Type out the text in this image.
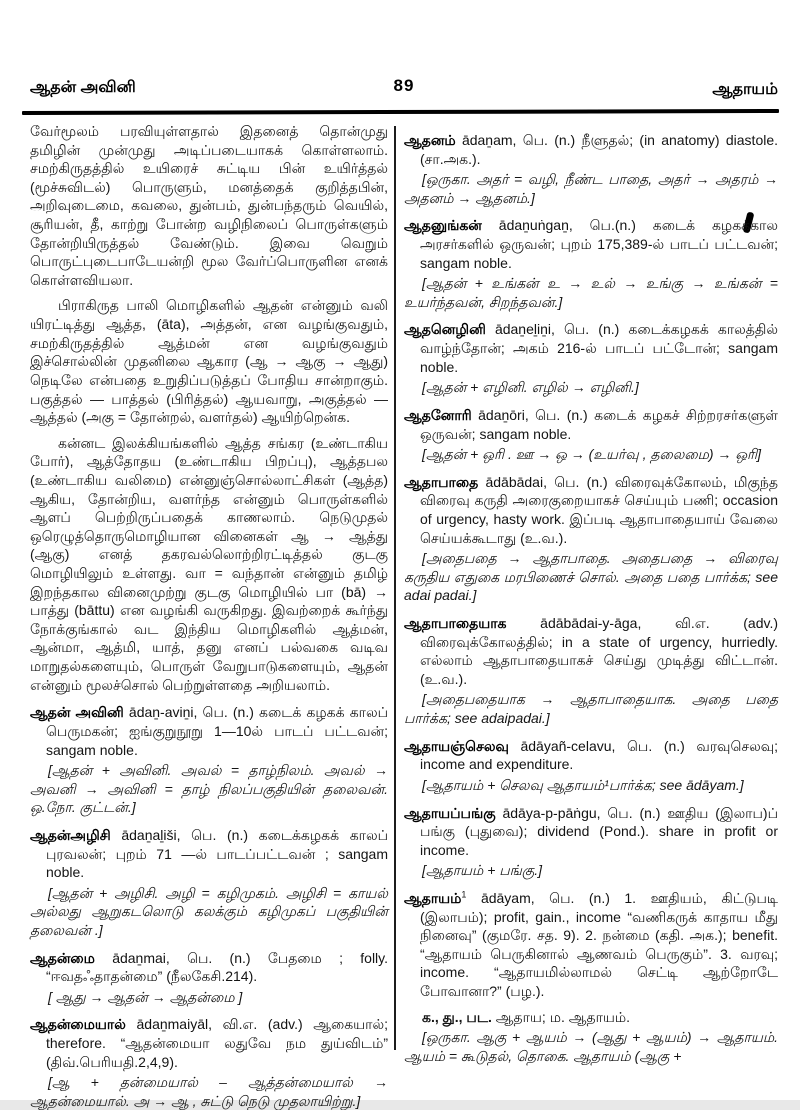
ஆதன் அவினி	89	ஆதாயம்

வேர்மூலம் பரவியுள்ளதால் இதனைத் தொன்முது தமிழின் முன்முது அடிப்படையாகக் கொள்ளலாம். சமற்கிருதத்தில் உயிரைச் சுட்டிய பின் உயிர்த்தல் (மூச்சுவிடல்) பொருளும், மனத்தைக் குறித்தபின், அறிவுடைமை, கவலை, துன்பம், துன்பந்தரும் வெயில், சூரியன், தீ, காற்று போன்ற வழிநிலைப் பொருள்களும் தோன்றியிருத்தல் வேண்டும். இவை வெறும் பொருட்புடைபாடேயன்றி மூல வேர்ப்பொருளின எனக் கொள்ளவியலா.

பிராகிருத பாலி மொழிகளில் ஆதன் என்னும் வலி யிரட்டித்து ஆத்த, (āta), அத்தன், என வழங்குவதும், சமற்கிருதத்தில் ஆத்மன் என வழங்குவதும் இச்சொல்லின் முதனிலை ஆகார (ஆ → ஆகு → ஆது) நெடிலே என்பதை உறுதிப்படுத்தப் போதிய சான்றாகும். பகுத்தல் — பாத்தல் (பிரித்தல்) ஆயவாறு, அகுத்தல் — ஆத்தல் (அகு = தோன்றல், வளர்தல்) ஆயிற்றென்க.

கன்னட இலக்கியங்களில் ஆத்த சங்கர (உண்டாகிய போர்), ஆத்தோதய (உண்டாகிய பிறப்பு), ஆத்தபல (உண்டாகிய வலிமை) என்னுஞ்சொல்லாட்சிகள் (ஆத்த) ஆகிய, தோன்றிய, வளர்ந்த என்னும் பொருள்களில் ஆளப் பெற்றிருப்பதைக் காணலாம். நெடுமுதல் ஒரெழுத்தொருமொழியான வினைகள் ஆ → ஆத்து (ஆகு) எனத் தகரவல்லொற்றிரட்டித்தல் குடகு மொழியிலும் உள்ளது. வா = வந்தான் என்னும் தமிழ் இறந்தகால வினைமுற்று குடகு மொழியில் பா (bā) → பாத்து (bāttu) என வழங்கி வருகிறது. இவற்றைக் கூர்ந்து நோக்குங்கால் வட இந்திய மொழிகளில் ஆத்மன், ஆன்மா, ஆத்மி, யாத், தனு எனப் பல்வகை வடிவ மாறுதல்களையும், பொருள் வேறுபாடுகளையும், ஆதன் என்னும் மூலச்சொல் பெற்றுள்ளதை அறியலாம்.

ஆதன் அவினி ādaṉ-aviṉi, பெ. (n.) கடைக் கழகக் காலப் பெருமகன்; ஐங்குறுநூறு 1—10ல் பாடப் பட்டவன்; sangam noble.

[ஆதன் + அவினி. அவல் = தாழ்நிலம். அவல் → அவனி → அவினி = தாழ் நிலப்பகுதியின் தலைவன். ஒ.நோ. குட்டன்.]

ஆதன்அழிசி ādaṉaḻiši, பெ. (n.) கடைக்கழகக் காலப் புரவலன்; புறம் 71 —ல் பாடப்பட்டவன் ; sangam noble.

[ஆதன் + அழிசி. அழி = கழிமுகம். அழிசி = காயல் அல்லது ஆறுகடலொடு கலக்கும் கழிமுகப் பகுதியின் தலைவன் .]

ஆதன்மை ādaṉmai, பெ. (n.) பேதமை ; folly. “ஈவதஃதாதன்மை” (நீலகேசி.214).

[ ஆது → ஆதன் → ஆதன்மை ]

ஆதன்மையால் ādaṉmaiyāl, வி.எ. (adv.) ஆகையால்; therefore. “ஆதன்மையா லதுவே நம துய்விடம்” (திவ்.பெரியதி.2,4,9).

[ஆ + தன்மையால் – ஆத்தன்மையால் → ஆதன்மையால். அ → ஆ , சுட்டு நெடு முதலாயிற்று.]

ஆதனம் ādaṉam, பெ. (n.) நீளுதல்; (in anatomy) diastole. (சா.அக.).

[ஒருகா. அதர் = வழி, நீண்ட பாதை, அதர் → அதரம் → அதனம் → ஆதனம்.]

ஆதனுங்கன் ādaṉuṅgaṉ, பெ.(n.) கடைக் கழகக்கால அரசர்களில் ஒருவன்; புறம் 175,389-ல் பாடப் பட்டவன்; sangam noble.

[ஆதன் + உங்கன் உ → உல் → உங்கு → உங்கன் = உயர்ந்தவன், சிறந்தவன்.]

ஆதனெழினி ādaṉeḻiṉi, பெ. (n.) கடைக்கழகக் காலத்தில் வாழ்ந்தோன்; அகம் 216-ல் பாடப் பட்டோன்; sangam noble.

[ஆதன் + எழினி. எழில் → எழினி.]

ஆதனோரி ādaṉōri, பெ. (n.) கடைக் கழகச் சிற்றரசர்களுள் ஒருவன்; sangam noble.

[ஆதன் + ஒரி . ஊ → ஒ → (உயர்வு , தலைமை) → ஒரி]

ஆதாபாதை ādābādai, பெ. (n.) விரைவுக்கோலம், மிகுந்த விரைவு கருதி அரைகுறையாகச் செய்யும் பணி; occasion of urgency, hasty work. இப்படி ஆதாபாதையாய் வேலை செய்யக்கூடாது (உ.வ.).

[அதைபதை → ஆதாபாதை. அதைபதை → விரைவு கருதிய எதுகை மரபிணைச் சொல். அதை பதை பார்க்க; see adai padai.]

ஆதாபாதையாக ādābādai-y-āga, வி.எ. (adv.) விரைவுக்கோலத்தில்; in a state of urgency, hurriedly. எல்லாம் ஆதாபாதையாகச் செய்து முடித்து விட்டான். (உ.வ.).

[அதைபதையாக → ஆதாபாதையாக. அதை பதை பார்க்க; see adaipadai.]

ஆதாயஞ்செலவு ādāyañ-celavu, பெ. (n.) வரவுசெலவு; income and expenditure.

[ஆதாயம் + செலவு ஆதாயம்¹பார்க்க; see ādāyam.]

ஆதாயப்பங்கு ādāya-p-pāṅgu, பெ. (n.) ஊதிய (இலாப)ப் பங்கு (புதுவை); dividend (Pond.). share in profit or income.

[ஆதாயம் + பங்கு.]

ஆதாயம்$^1$ ādāyam, பெ. (n.) 1. ஊதியம், கிட்டுபடி (இலாபம்); profit, gain., income “வணிகருக் காதாய மீது நினைவு” (குமரே. சத. 9). 2. நன்மை (கதி. அக.); benefit. “ஆதாயம் பெருகினால் ஆணவம் பெருகும்”. 3. வரவு; income. “ஆதாயமில்லாமல் செட்டி ஆற்றோடே போவானா?” (பழ.).

க., து., பட. ஆதாய; ம. ஆதாயம்.

[ஒருகா. ஆகு + ஆயம் → (ஆது + ஆயம்) → ஆதாயம். ஆயம் = கூடுதல், தொகை. ஆதாயம் (ஆகு +
